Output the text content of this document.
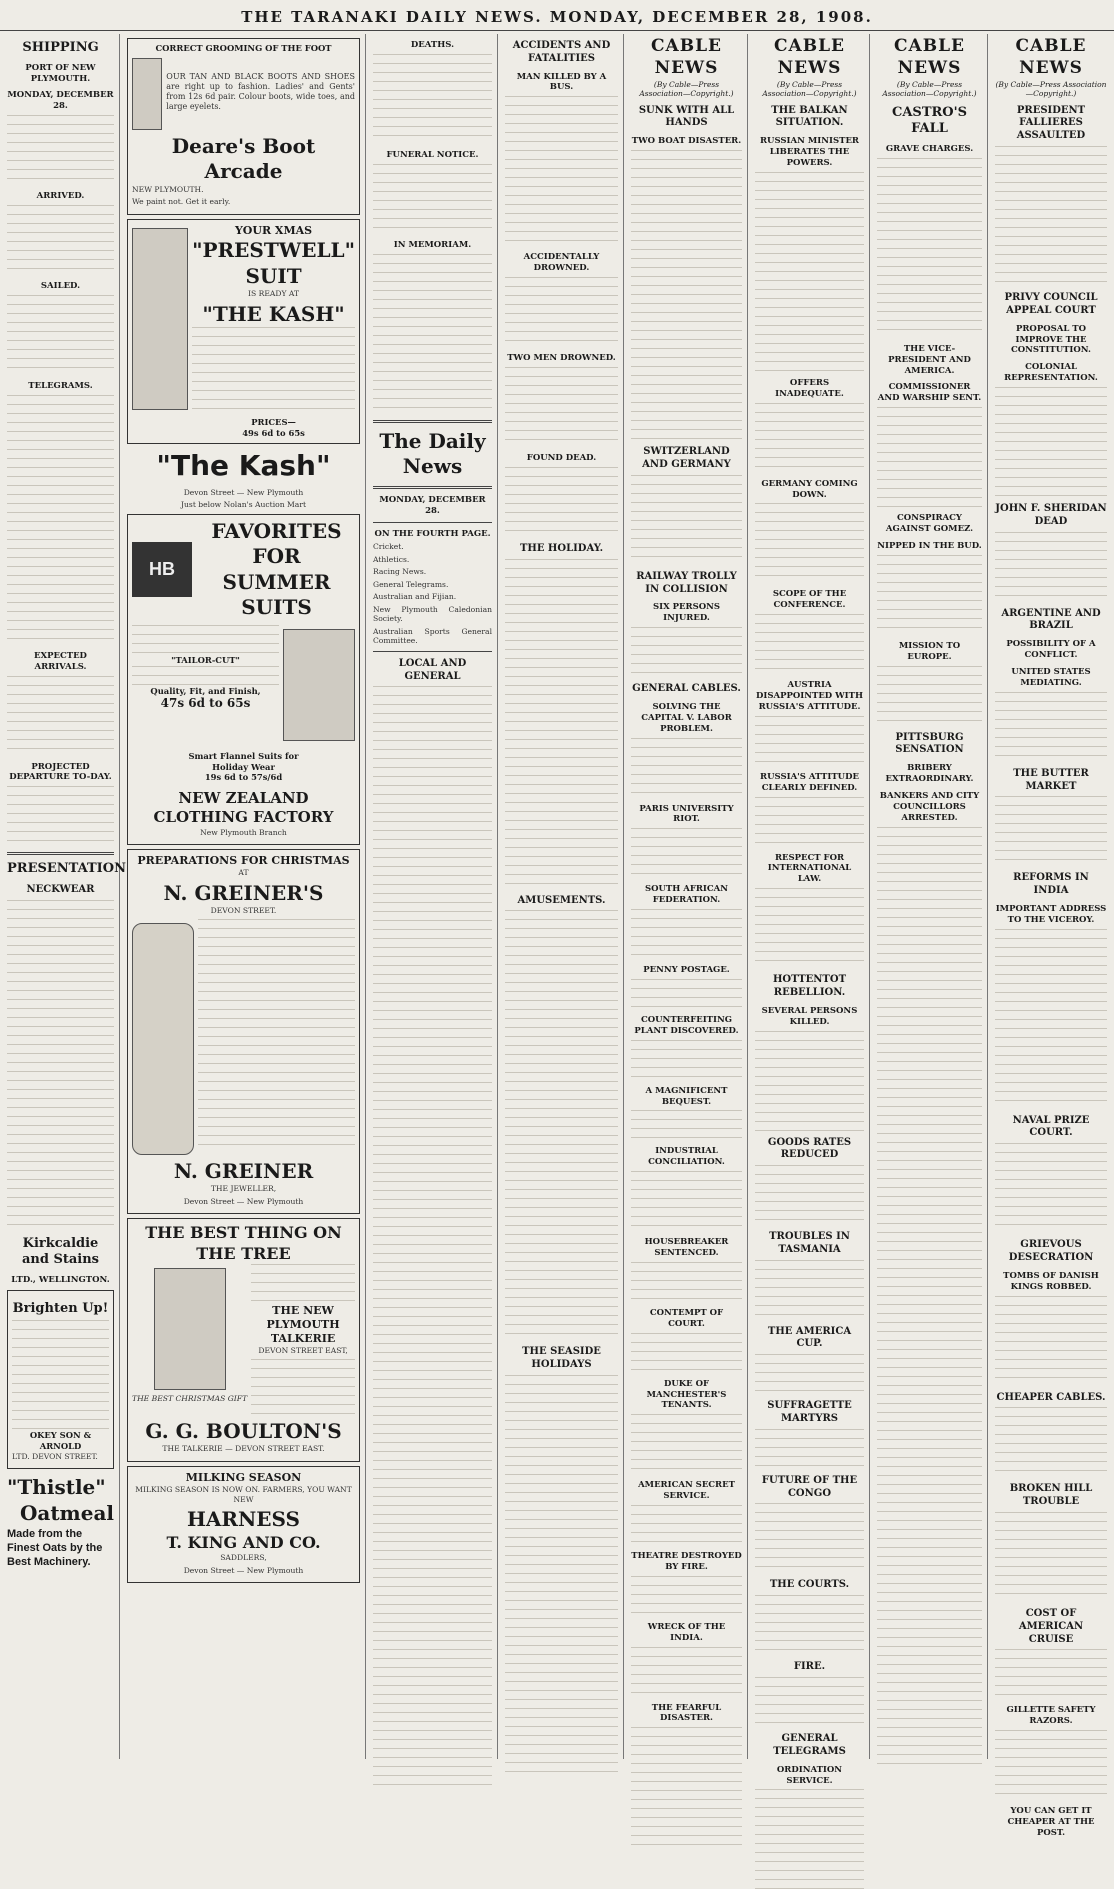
THE TARANAKI DAILY NEWS. MONDAY, DECEMBER 28, 1908.
SHIPPING
PORT OF NEW PLYMOUTH.
MONDAY, DECEMBER 28.
ARRIVED.
SAILED.
TELEGRAMS.
EXPECTED ARRIVALS.
PROJECTED DEPARTURE TO-DAY.
PRESENTATION
NECKWEAR
Kirkcaldie and Stains
LTD., WELLINGTON.
Brighten Up!
OKEY SON & ARNOLD
LTD. DEVON STREET.
"Thistle"
Oatmeal
Made from the
Finest Oats by the
Best Machinery.
CORRECT GROOMING OF THE FOOT
OUR TAN AND BLACK BOOTS AND SHOES are right up to fashion. Ladies' and Gents' from 12s 6d pair. Colour boots, wide toes, and large eyelets.
Deare's Boot Arcade
NEW PLYMOUTH.
We paint not. Get it early.
YOUR XMAS
"PRESTWELL"
SUIT
IS READY AT
"THE KASH"
PRICES—
49s 6d to 65s
"The Kash"
Devon Street — New Plymouth
Just below Nolan's Auction Mart
HB
FAVORITES FOR
SUMMER SUITS
"TAILOR-CUT"
Quality, Fit, and Finish,
47s 6d to 65s
Smart Flannel Suits for
Holiday Wear
19s 6d to 57s/6d
NEW ZEALAND CLOTHING FACTORY
New Plymouth Branch
PREPARATIONS FOR CHRISTMAS
AT
N. GREINER'S
DEVON STREET.
N. GREINER
THE JEWELLER,
Devon Street — New Plymouth
THE BEST THING ON THE TREE
THE BEST CHRISTMAS GIFT
THE NEW PLYMOUTH TALKERIE
DEVON STREET EAST,
G. G. BOULTON'S
THE TALKERIE — DEVON STREET EAST.
MILKING SEASON
MILKING SEASON IS NOW ON. FARMERS, YOU WANT NEW
HARNESS
T. KING AND CO.
SADDLERS,
Devon Street — New Plymouth
DEATHS.
FUNERAL NOTICE.
IN MEMORIAM.
The Daily News
MONDAY, DECEMBER 28.
ON THE FOURTH PAGE.
Cricket.
Athletics.
Racing News.
General Telegrams.
Australian and Fijian.
New Plymouth Caledonian Society.
Australian Sports General Committee.
LOCAL AND GENERAL
ACCIDENTS AND FATALITIES
MAN KILLED BY A BUS.
ACCIDENTALLY DROWNED.
TWO MEN DROWNED.
FOUND DEAD.
THE HOLIDAY.
AMUSEMENTS.
THE SEASIDE HOLIDAYS
CABLE NEWS
(By Cable—Press Association—Copyright.)
SUNK WITH ALL HANDS
TWO BOAT DISASTER.
SWITZERLAND AND GERMANY
RAILWAY TROLLY IN COLLISION
SIX PERSONS INJURED.
GENERAL CABLES.
SOLVING THE CAPITAL V. LABOR PROBLEM.
PARIS UNIVERSITY RIOT.
SOUTH AFRICAN FEDERATION.
PENNY POSTAGE.
COUNTERFEITING PLANT DISCOVERED.
A MAGNIFICENT BEQUEST.
INDUSTRIAL CONCILIATION.
HOUSEBREAKER SENTENCED.
CONTEMPT OF COURT.
DUKE OF MANCHESTER'S TENANTS.
AMERICAN SECRET SERVICE.
THEATRE DESTROYED BY FIRE.
WRECK OF THE INDIA.
THE FEARFUL DISASTER.
CABLE NEWS
(By Cable—Press Association—Copyright.)
THE BALKAN SITUATION.
RUSSIAN MINISTER LIBERATES THE POWERS.
OFFERS INADEQUATE.
GERMANY COMING DOWN.
SCOPE OF THE CONFERENCE.
AUSTRIA DISAPPOINTED WITH RUSSIA'S ATTITUDE.
RUSSIA'S ATTITUDE CLEARLY DEFINED.
RESPECT FOR INTERNATIONAL LAW.
HOTTENTOT REBELLION.
SEVERAL PERSONS KILLED.
GOODS RATES REDUCED
TROUBLES IN TASMANIA
THE AMERICA CUP.
SUFFRAGETTE MARTYRS
FUTURE OF THE CONGO
THE COURTS.
FIRE.
GENERAL TELEGRAMS
ORDINATION SERVICE.
CABLE NEWS
(By Cable—Press Association—Copyright.)
CASTRO'S FALL
GRAVE CHARGES.
THE VICE-PRESIDENT AND AMERICA.
COMMISSIONER AND WARSHIP SENT.
CONSPIRACY AGAINST GOMEZ.
NIPPED IN THE BUD.
MISSION TO EUROPE.
PITTSBURG SENSATION
BRIBERY EXTRAORDINARY.
BANKERS AND CITY COUNCILLORS ARRESTED.
CABLE NEWS
(By Cable—Press Association—Copyright.)
PRESIDENT FALLIERES ASSAULTED
PRIVY COUNCIL APPEAL COURT
PROPOSAL TO IMPROVE THE CONSTITUTION.
COLONIAL REPRESENTATION.
JOHN F. SHERIDAN DEAD
ARGENTINE AND BRAZIL
POSSIBILITY OF A CONFLICT.
UNITED STATES MEDIATING.
THE BUTTER MARKET
REFORMS IN INDIA
IMPORTANT ADDRESS TO THE VICEROY.
NAVAL PRIZE COURT.
GRIEVOUS DESECRATION
TOMBS OF DANISH KINGS ROBBED.
CHEAPER CABLES.
BROKEN HILL TROUBLE
COST OF AMERICAN CRUISE
GILLETTE SAFETY RAZORS.
YOU CAN GET IT CHEAPER AT THE POST.
